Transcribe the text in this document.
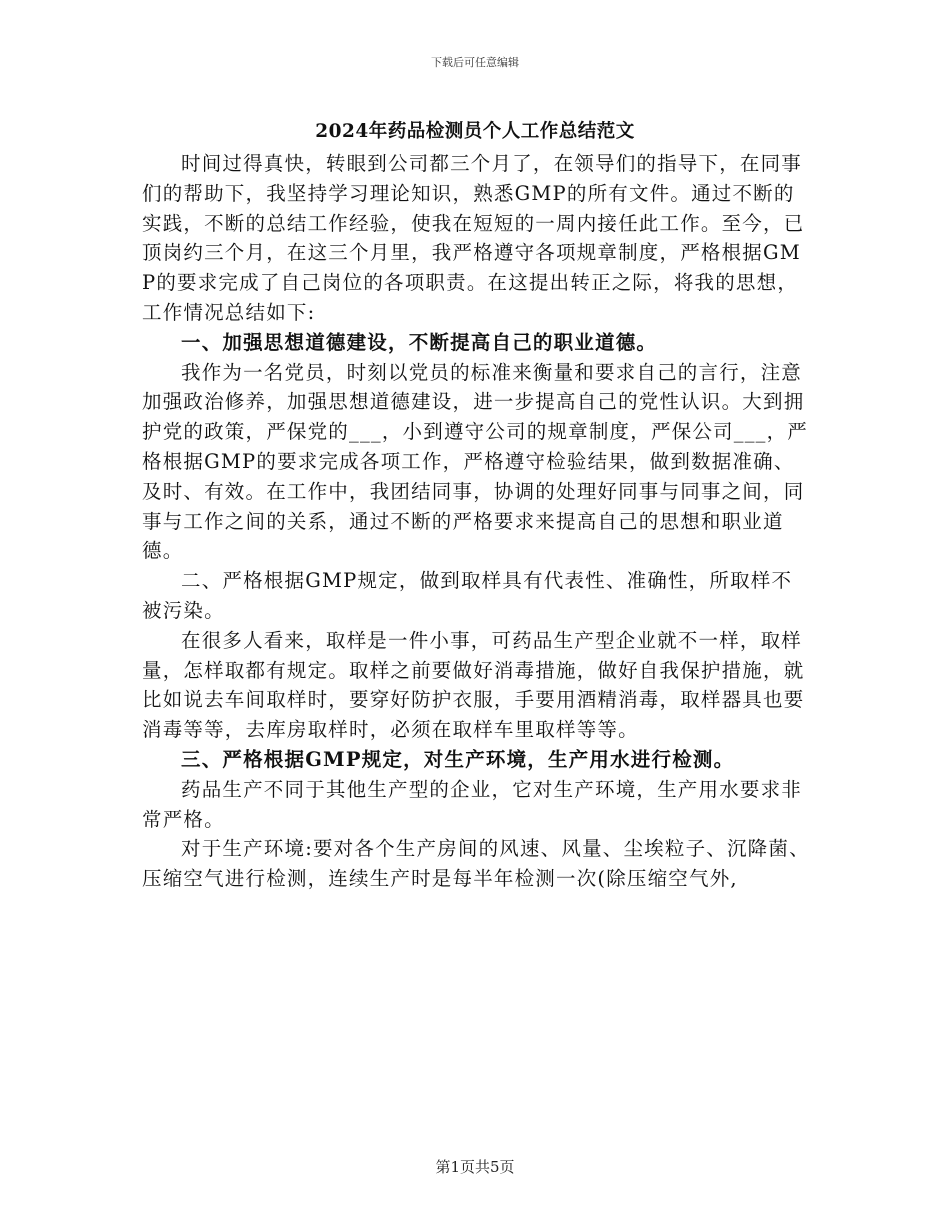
下载后可任意编辑
2024年药品检测员个人工作总结范文

时间过得真快，转眼到公司都三个月了，在领导们的指导下，在同事们的帮助下，我坚持学习理论知识，熟悉GMP的所有文件。通过不断的实践，不断的总结工作经验，使我在短短的一周内接任此工作。至今，已顶岗约三个月，在这三个月里，我严格遵守各项规章制度，严格根据GMP的要求完成了自己岗位的各项职责。在这提出转正之际，将我的思想，工作情况总结如下:

一、加强思想道德建设，不断提高自己的职业道德。

我作为一名党员，时刻以党员的标准来衡量和要求自己的言行，注意加强政治修养，加强思想道德建设，进一步提高自己的党性认识。大到拥护党的政策，严保党的___，小到遵守公司的规章制度，严保公司___，严格根据GMP的要求完成各项工作，严格遵守检验结果，做到数据准确、及时、有效。在工作中，我团结同事，协调的处理好同事与同事之间，同事与工作之间的关系，通过不断的严格要求来提高自己的思想和职业道德。

二、严格根据GMP规定，做到取样具有代表性、准确性，所取样不被污染。

在很多人看来，取样是一件小事，可药品生产型企业就不一样，取样量，怎样取都有规定。取样之前要做好消毒措施，做好自我保护措施，就比如说去车间取样时，要穿好防护衣服，手要用酒精消毒，取样器具也要消毒等等，去库房取样时，必须在取样车里取样等等。

三、严格根据GMP规定，对生产环境，生产用水进行检测。

药品生产不同于其他生产型的企业，它对生产环境，生产用水要求非常严格。

对于生产环境:要对各个生产房间的风速、风量、尘埃粒子、沉降菌、压缩空气进行检测，连续生产时是每半年检测一次(除压缩空气外,

第1页共5页
